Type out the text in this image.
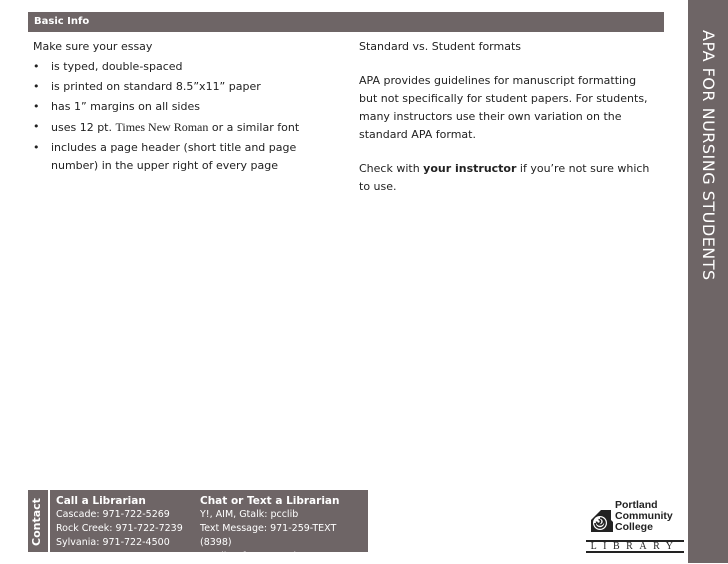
Basic Info

Make sure your essay

• is typed, double-spaced
• is printed on standard 8.5”x11” paper
• has 1” margins on all sides
• uses 12 pt. Times New Roman or a similar font
• includes a page header (short title and page number) in the upper right of every page

Standard vs. Student formats

APA provides guidelines for manuscript formatting but not specifically for student papers. For students, many instructors use their own variation on the standard APA format.

Check with your instructor if you’re not sure which to use.	APA FOR NURSING STUDENTS
Contact Call a Librarian
Cascade: 971-722-5269
Rock Creek: 971-722-7239
Sylvania: 971-722-4500
Chat or Text a Librarian
Y!, AIM, Gtalk: pcclib
Text Message: 971-259-TEXT (8398)
Email: refer@pcc.edu
Portland
Community
College
LIBRARY
